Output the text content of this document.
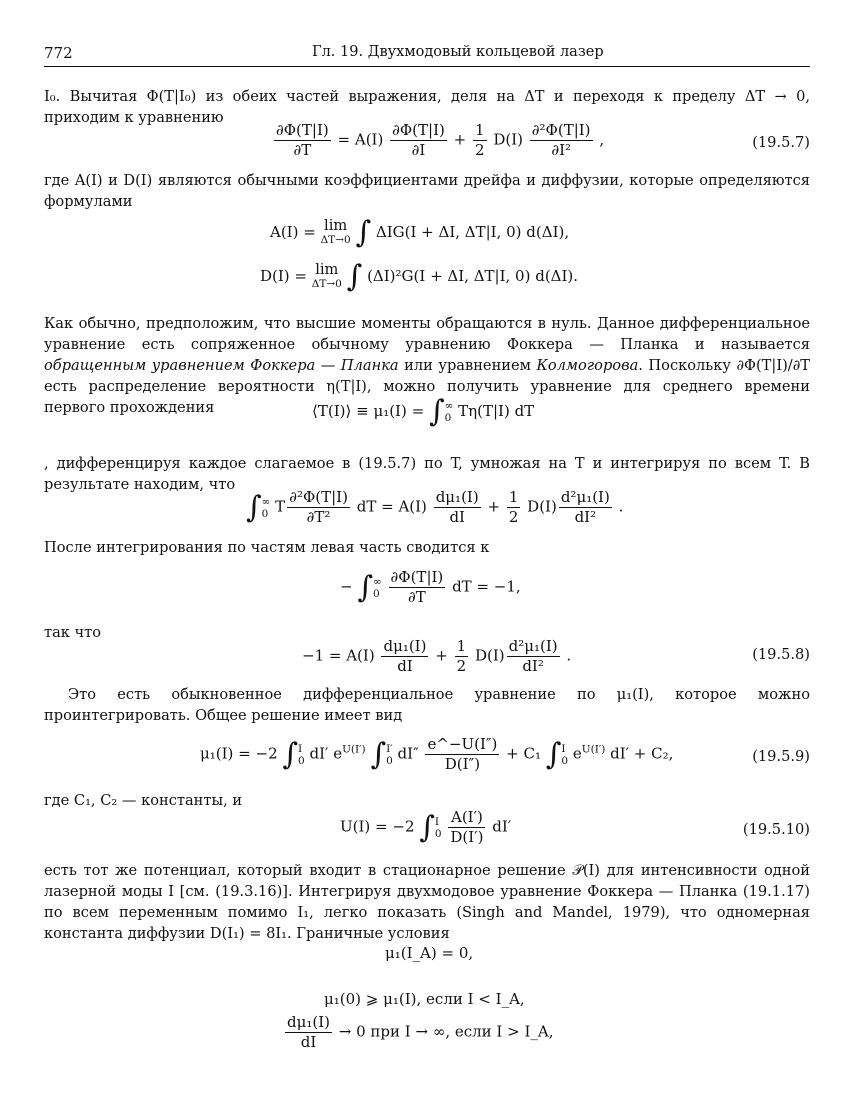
772	Гл. 19. Двухмодовый кольцевой лазер
I₀. Вычитая Φ(T|I₀) из обеих частей выражения, деля на ΔT и переходя к пределу ΔT → 0, приходим к уравнению
$\frac{\partial\Phi(T|I)}{\partial T} = A(I) \frac{\partial\Phi(T|I)}{\partial I} + \frac{1}{2} D(I) \frac{\text{∂²Φ(T|I)}}{\text{∂I²}}$ ,	(19.5.7)
где A(I) и D(I) являются обычными коэффициентами дрейфа и диффузии, которые определяются формулами
A(I) = lim
ΔT→0 ∫ ΔIG(I + ΔI, ΔT|I, 0) d(ΔI),
D(I) = lim
ΔT→0 ∫ (ΔI)²G(I + ΔI, ΔT|I, 0) d(ΔI).
Как обычно, предположим, что высшие моменты обращаются в нуль. Данное дифференциальное уравнение есть сопряженное обычному уравнению Фоккера — Планка и называется обращенным уравнением Фоккера — Планка или уравнением Колмогорова. Поскольку ∂Φ(T|I)/∂T есть распределение вероятности η(T|I), можно получить уравнение для среднего времени первого прохождения	⟨T(I)⟩ ≡ μ₁(I) = ∫∞
0 Tη(T|I) dT
, дифференцируя каждое слагаемое в (19.5.7) по T, умножая на T и интегрируя по всем T. В результате находим, что
∫∞
0 T $\frac{\text{∂²Φ(T|I)}}{\text{∂T²}}$ dT = $A(I) \frac{\text{dμ₁(I)}}{dI} + \frac{1}{2} D(I) \frac{\text{d²μ₁(I)}}{\text{dI²}}$ .
После интегрирования по частям левая часть сводится к
− ∫∞
$0 \frac{\partial\Phi(T|I)}{\partial T}$ dT = −1,
так что
$-1 = A(I) \frac{\text{dμ₁(I)}}{dI} + \frac{1}{2} D(I) \frac{\text{d²μ₁(I)}}{\text{dI²}}$ .	(19.5.8)
Это есть обыкновенное дифференциальное уравнение по μ₁(I), которое можно проинтегрировать. Общее решение имеет вид
μ₁(I) = −2 ∫I
0 dI′ $e^{U(I')}$ ∫I′
0 $dI'' \frac{e\^{}-U(I'')}{D(I'')} + C_1$ ∫I
0 $e^{U(I')}$ dI′ + C₂,	(19.5.9)
где C₁, C₂ — константы, и
U(I) = −2 ∫I
$0 \frac{A(I')}{D(I')} dI'$	(19.5.10)
есть тот же потенциал, который входит в стационарное решение 𝒫(I) для интенсивности одной лазерной моды I [см. (19.3.16)]. Интегрируя двухмодовое уравнение Фоккера — Планка (19.1.17) по всем переменным помимо I₁, легко показать (Singh and Mandel, 1979), что одномерная константа диффузии D(I₁) = 8I₁. Граничные условия
μ₁(I_A) = 0,
μ₁(0) ⩾ μ₁(I), если I < I_A,
$\frac{\text{dμ₁(I)}}{dI} \to 0$ при I → ∞, если I > I_A,
